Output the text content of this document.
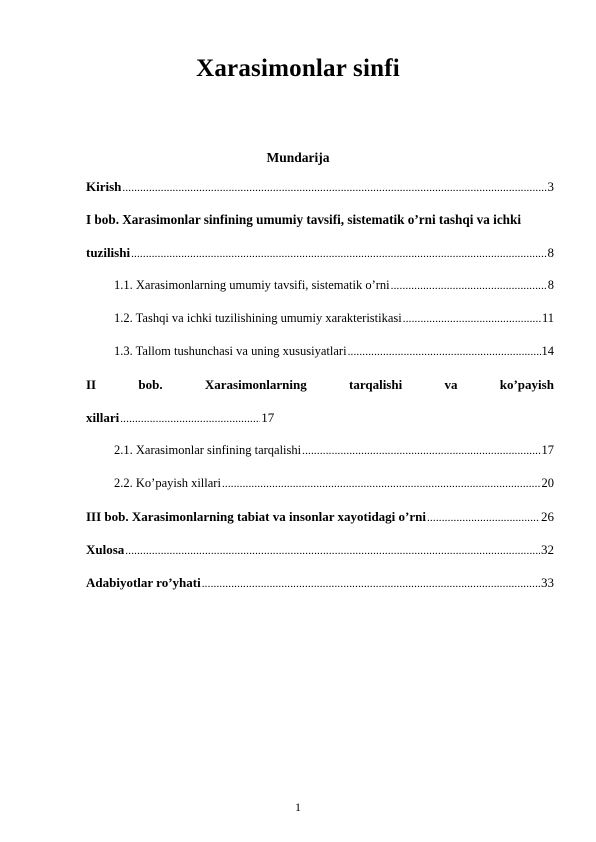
Xarasimonlar sinfi
Mundarija
Kirish .....	3
I bob. Xarasimonlar sinfining umumiy tavsifi, sistematik o’rni tashqi va ichki
tuzilishi .....	8
1.1. Xarasimonlarning umumiy tavsifi, sistematik o’rni .....	8
1.2. Tashqi va ichki tuzilishining umumiy xarakteristikasi .....	11
1.3. Tallom tushunchasi va uning xususiyatlari .....	14
II	bob.	Xarasimonlarning	tarqalishi	va	ko’payish
xillari .....	17
2.1. Xarasimonlar sinfining tarqalishi .....	17
2.2. Ko’payish xillari .....	20
III bob. Xarasimonlarning tabiat va insonlar xayotidagi o’rni .....	26
Xulosa .....	32
Adabiyotlar ro’yhati .....	33
1
